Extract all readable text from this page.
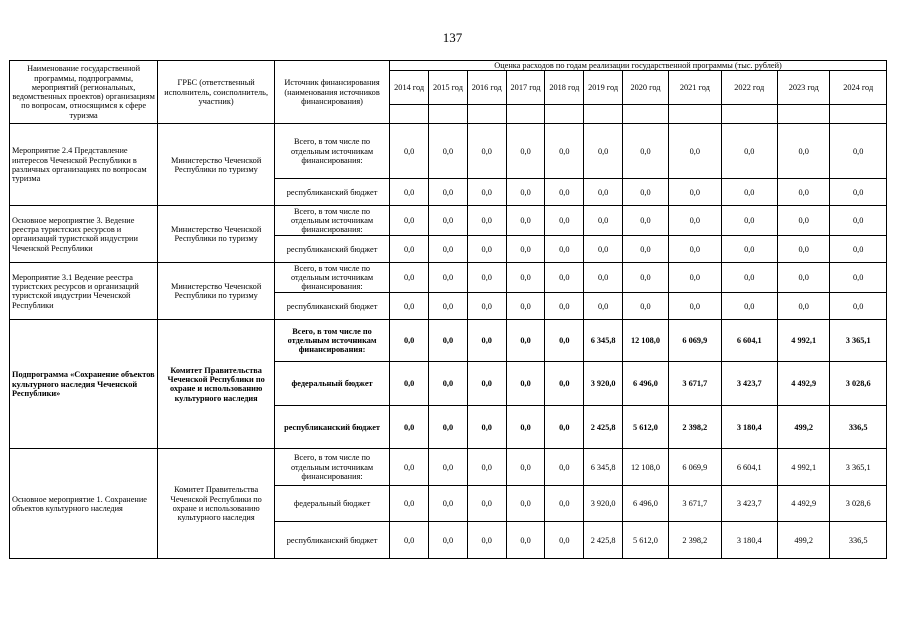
137
Наименование государственной программы, подпрограммы, мероприятий (региональных, ведомственных проектов) организациям по вопросам, относящимся к сфере туризма	ГРБС (ответственный исполнитель, соисполнитель, участник)	Источник финансирования (наименования источников финансирования)	Оценка расходов по годам реализации государственной программы (тыс. рублей)										
			2014 год	2015 год	2016 год	2017 год	2018 год	2019 год	2020 год	2021 год	2022 год	2023 год	2024 год

Мероприятие 2.4 Представление интересов Чеченской Республики в различных организациях по вопросам туризма	Министерство Чеченской Республики по туризму	Всего, в том числе по отдельным источникам финансирования:	0,0	0,0	0,0	0,0	0,0	0,0	0,0	0,0	0,0	0,0	0,0
		республиканский бюджет	0,0	0,0	0,0	0,0	0,0	0,0	0,0	0,0	0,0	0,0	0,0
Основное мероприятие 3. Ведение реестра туристских ресурсов и организаций туристской индустрии Чеченской Республики	Министерство Чеченской Республики по туризму	Всего, в том числе по отдельным источникам финансирования:	0,0	0,0	0,0	0,0	0,0	0,0	0,0	0,0	0,0	0,0	0,0
		республиканский бюджет	0,0	0,0	0,0	0,0	0,0	0,0	0,0	0,0	0,0	0,0	0,0
Мероприятие 3.1 Ведение реестра туристских ресурсов и организаций туристской индустрии Чеченской Республики	Министерство Чеченской Республики по туризму	Всего, в том числе по отдельным источникам финансирования:	0,0	0,0	0,0	0,0	0,0	0,0	0,0	0,0	0,0	0,0	0,0
		республиканский бюджет	0,0	0,0	0,0	0,0	0,0	0,0	0,0	0,0	0,0	0,0	0,0
Подпрограмма «Сохранение объектов культурного наследия Чеченской Республики»	Комитет Правительства Чеченской Республики по охране и использованию культурного наследия	Всего, в том числе по отдельным источникам финансирования:	0,0	0,0	0,0	0,0	0,0	6 345,8	12 108,0	6 069,9	6 604,1	4 992,1	3 365,1
		федеральный бюджет	0,0	0,0	0,0	0,0	0,0	3 920,0	6 496,0	3 671,7	3 423,7	4 492,9	3 028,6
		республиканский бюджет	0,0	0,0	0,0	0,0	0,0	2 425,8	5 612,0	2 398,2	3 180,4	499,2	336,5
Основное мероприятие 1. Сохранение объектов культурного наследия	Комитет Правительства Чеченской Республики по охране и использованию культурного наследия	Всего, в том числе по отдельным источникам финансирования:	0,0	0,0	0,0	0,0	0,0	6 345,8	12 108,0	6 069,9	6 604,1	4 992,1	3 365,1
		федеральный бюджет	0,0	0,0	0,0	0,0	0,0	3 920,0	6 496,0	3 671,7	3 423,7	4 492,9	3 028,6
		республиканский бюджет	0,0	0,0	0,0	0,0	0,0	2 425,8	5 612,0	2 398,2	3 180,4	499,2	336,5
